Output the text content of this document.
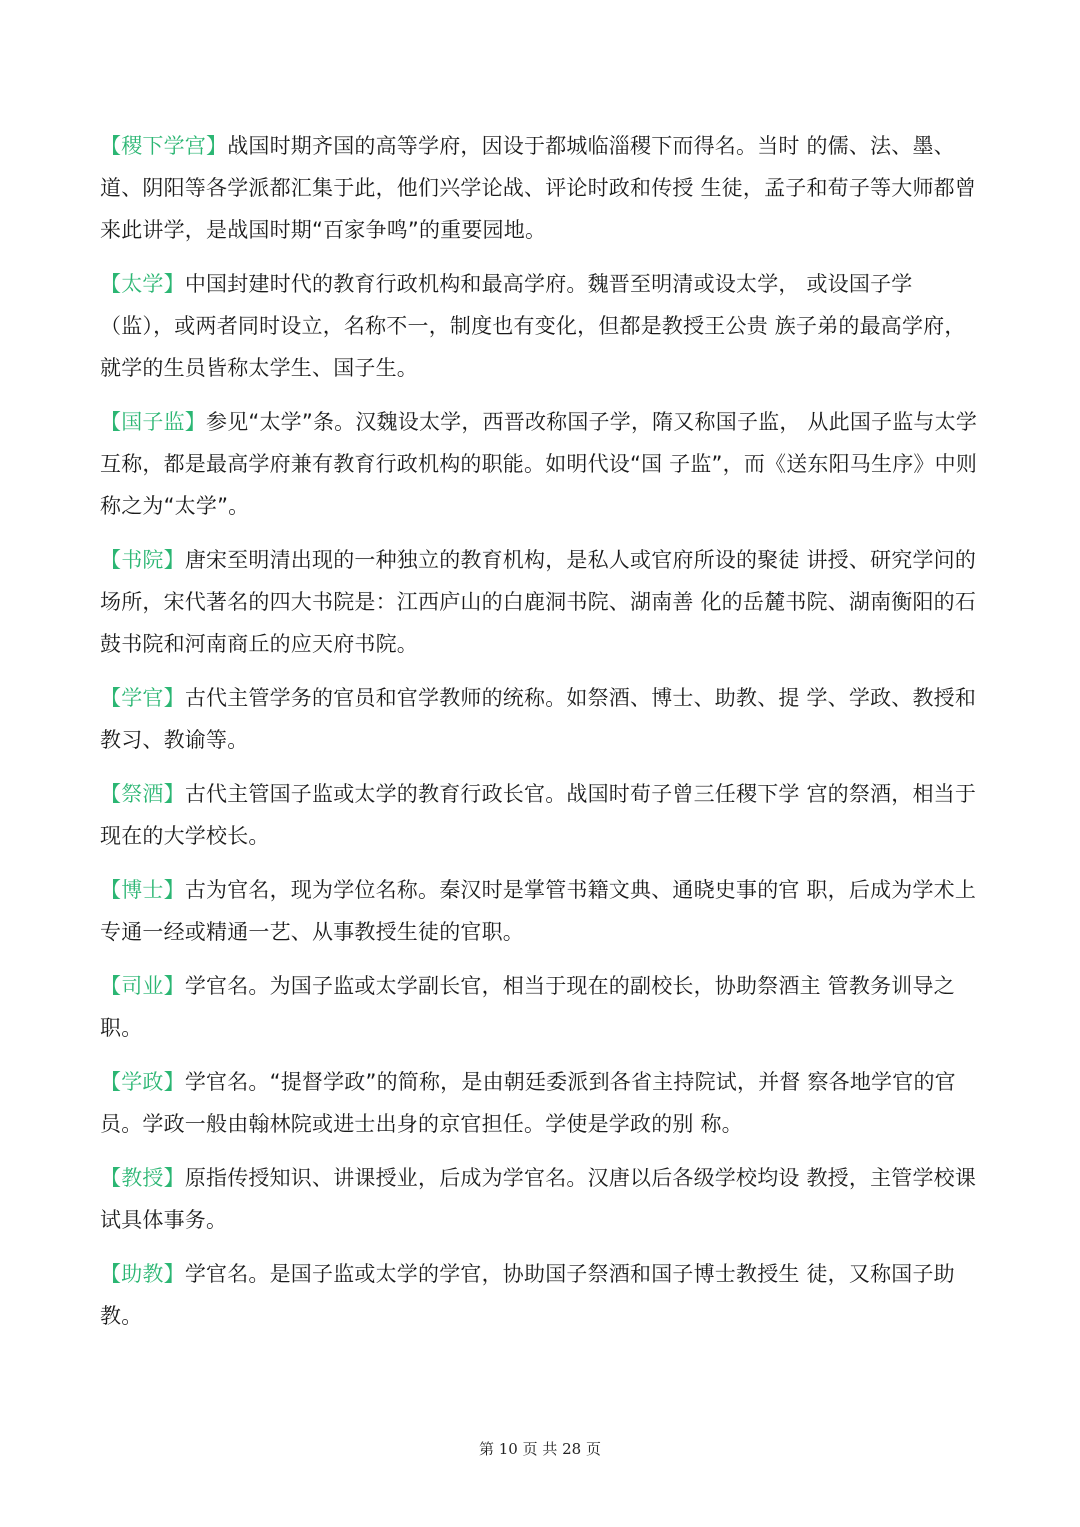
【稷下学宫】战国时期齐国的高等学府，因设于都城临淄稷下而得名。当时 的儒、法、墨、道、阴阳等各学派都汇集于此，他们兴学论战、评论时政和传授 生徒，孟子和荀子等大师都曾来此讲学，是战国时期“百家争鸣”的重要园地。

【太学】中国封建时代的教育行政机构和最高学府。魏晋至明清或设太学， 或设国子学（监），或两者同时设立，名称不一，制度也有变化，但都是教授王公贵 族子弟的最高学府，就学的生员皆称太学生、国子生。

【国子监】参见“太学”条。汉魏设太学，西晋改称国子学，隋又称国子监， 从此国子监与太学互称，都是最高学府兼有教育行政机构的职能。如明代设“国 子监”，而《送东阳马生序》中则称之为“太学”。

【书院】唐宋至明清出现的一种独立的教育机构，是私人或官府所设的聚徒 讲授、研究学问的场所，宋代著名的四大书院是：江西庐山的白鹿洞书院、湖南善 化的岳麓书院、湖南衡阳的石鼓书院和河南商丘的应天府书院。

【学官】古代主管学务的官员和官学教师的统称。如祭酒、博士、助教、提 学、学政、教授和教习、教谕等。

【祭酒】古代主管国子监或太学的教育行政长官。战国时荀子曾三任稷下学 宫的祭酒，相当于现在的大学校长。

【博士】古为官名，现为学位名称。秦汉时是掌管书籍文典、通晓史事的官 职，后成为学术上专通一经或精通一艺、从事教授生徒的官职。

【司业】学官名。为国子监或太学副长官，相当于现在的副校长，协助祭酒主 管教务训导之职。

【学政】学官名。“提督学政”的简称，是由朝廷委派到各省主持院试，并督 察各地学官的官员。学政一般由翰林院或进士出身的京官担任。学使是学政的别 称。

【教授】原指传授知识、讲课授业，后成为学官名。汉唐以后各级学校均设 教授，主管学校课试具体事务。

【助教】学官名。是国子监或太学的学官，协助国子祭酒和国子博士教授生 徒，又称国子助教。

第 10 页 共 28 页
